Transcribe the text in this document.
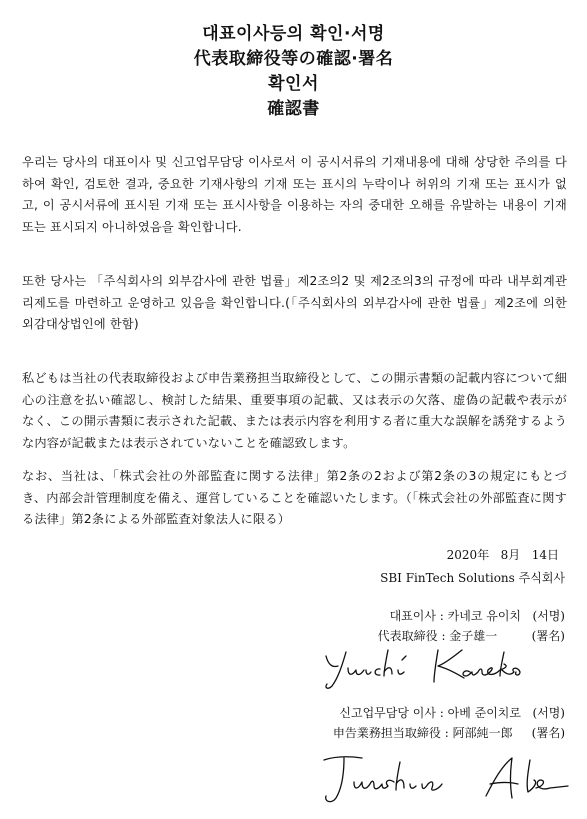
대표이사등의 확인·서명
代表取締役等の確認·署名
확인서
確認書
우리는 당사의 대표이사 및 신고업무담당 이사로서 이 공시서류의 기재내용에 대해 상당한 주의를 다하여 확인, 검토한 결과, 중요한 기재사항의 기재 또는 표시의 누락이나 허위의 기재 또는 표시가 없고, 이 공시서류에 표시된 기재 또는 표시사항을 이용하는 자의 중대한 오해를 유발하는 내용이 기재 또는 표시되지 아니하였음을 확인합니다.
또한 당사는 「주식회사의 외부감사에 관한 법률」제2조의2 및 제2조의3의 규정에 따라 내부회계관리제도를 마련하고 운영하고 있음을 확인합니다.(「주식회사의 외부감사에 관한 법률」제2조에 의한 외감대상법인에 한함)
私どもは当社の代表取締役および申告業務担当取締役として、この開示書類の記載内容について細心の注意を払い確認し、検討した結果、重要事項の記載、又は表示の欠落、虚偽の記載や表示がなく、この開示書類に表示された記載、または表示内容を利用する者に重大な誤解を誘発するような内容が記載または表示されていないことを確認致します。
なお、当社は、「株式会社の外部監査に関する法律」第2条の2および第2条の3の規定にもとづき、内部会計管理制度を備え、運営していることを確認いたします。（「株式会社の外部監査に関する法律」第2条による外部監査対象法人に限る）
2020年   8月   14日
SBI FinTech Solutions 주식회사
대표이사 : 카네코 유이치   (서명)
代表取締役 : 金子雄一         (署名)
신고업무담당 이사 : 아베 준이치로   (서명)
申告業務担当取締役 : 阿部純一郎     (署名)
